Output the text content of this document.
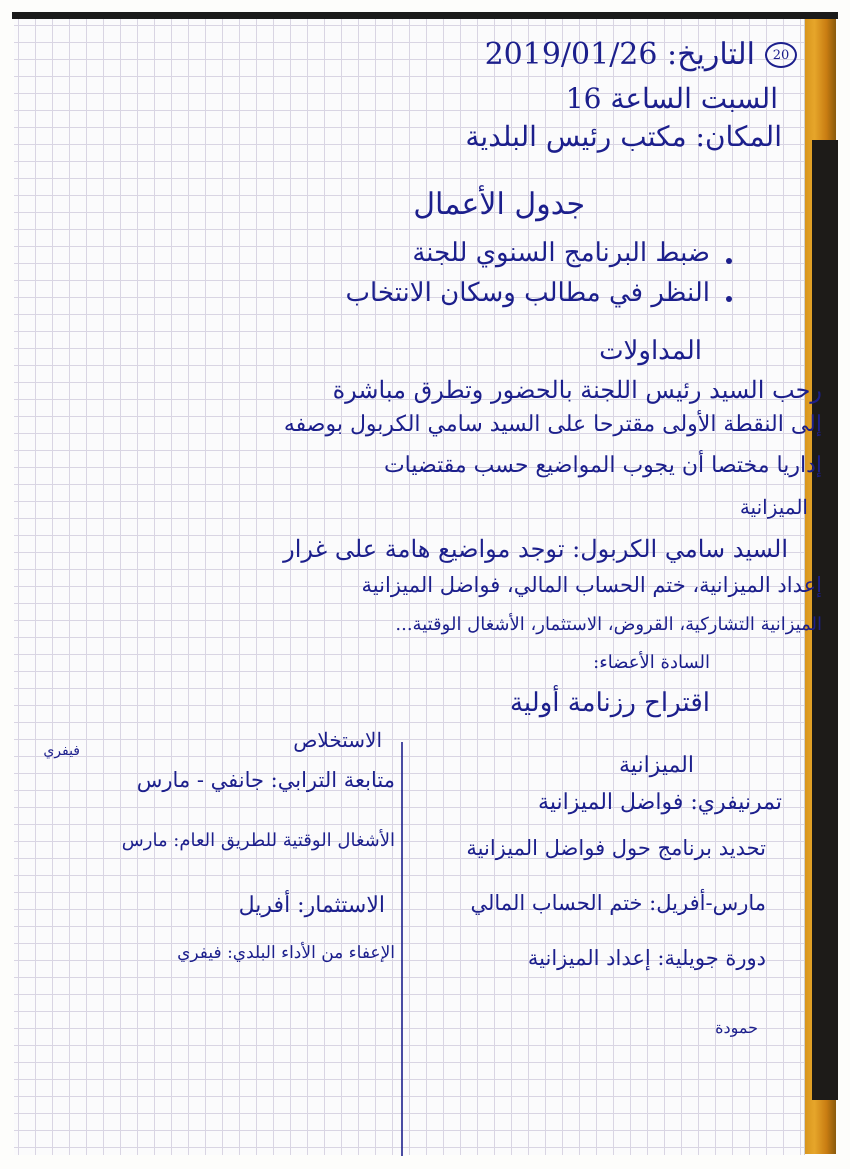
20
التاريخ: 2019/01/26
السبت الساعة 16
المكان: مكتب رئيس البلدية
جدول الأعمال
ضبط البرنامج السنوي للجنة
النظر في مطالب وسكان الانتخاب
المداولات
رحب السيد رئيس اللجنة بالحضور وتطرق مباشرة
إلى النقطة الأولى مقترحا على السيد سامي الكربول بوصفه
إداريا مختصا أن يجوب المواضيع حسب مقتضيات
الميزانية
السيد سامي الكربول: توجد مواضيع هامة على غرار
إعداد الميزانية، ختم الحساب المالي، فواضل الميزانية
الميزانية التشاركية، القروض، الاستثمار، الأشغال الوقتية...
السادة الأعضاء:
اقتراح رزنامة أولية
الميزانية
تمرنيفري: فواضل الميزانية
تحديد برنامج حول فواضل الميزانية
مارس-أفريل: ختم الحساب المالي
دورة جويلية: إعداد الميزانية
الاستخلاص
متابعة الترابي: جانفي - مارس
فيفري
الأشغال الوقتية للطريق العام: مارس
الاستثمار: أفريل
الإعفاء من الأداء البلدي: فيفري
حمودة
